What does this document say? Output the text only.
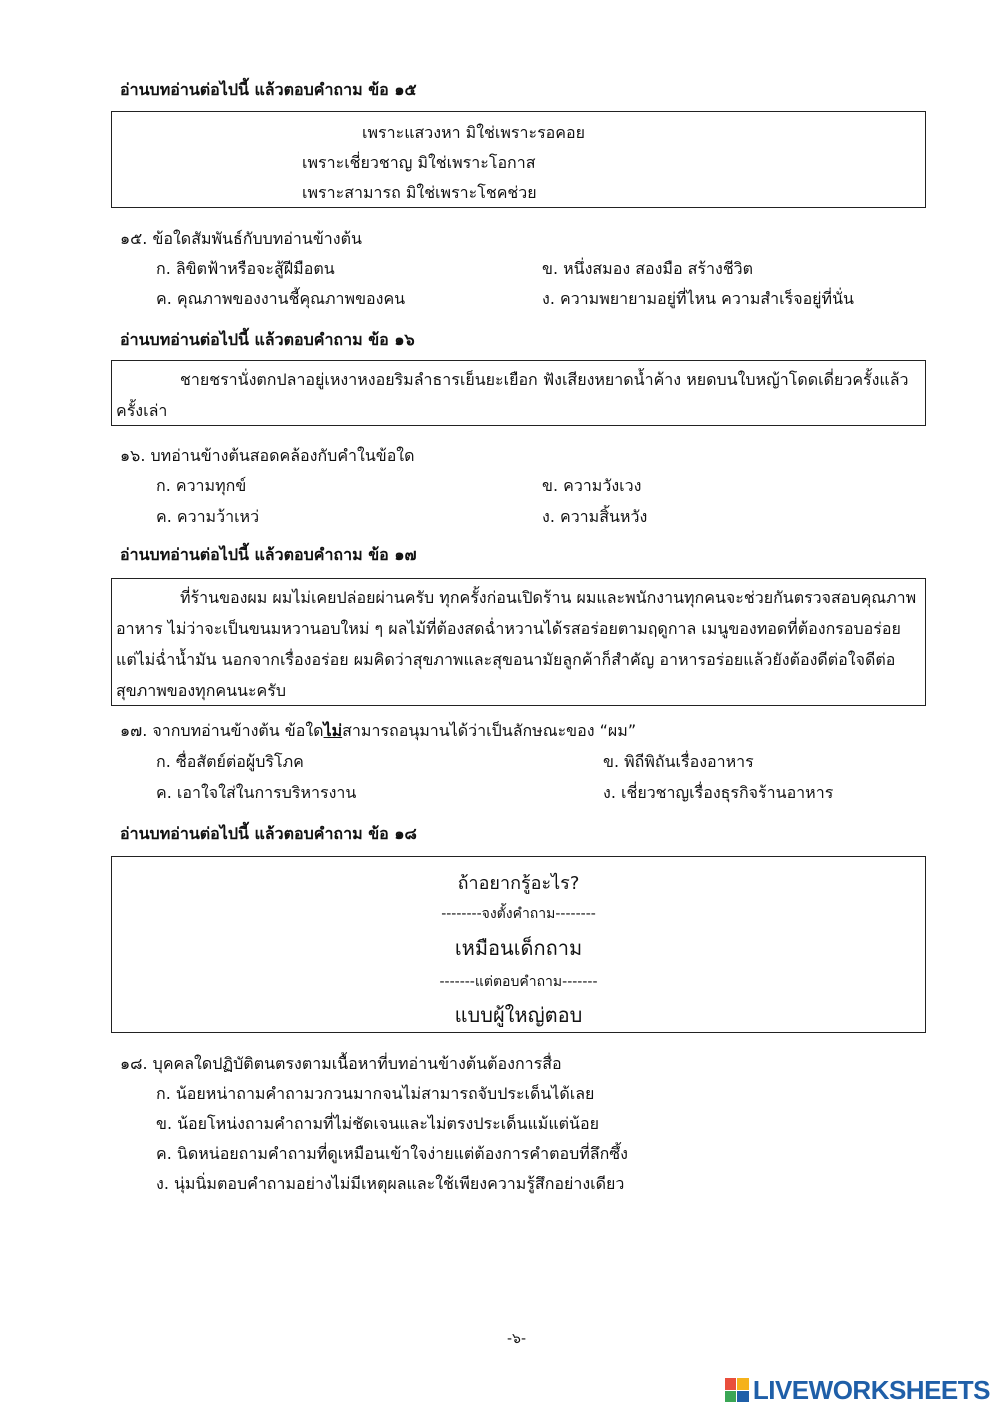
อ่านบทอ่านต่อไปนี้ แล้วตอบคำถาม ข้อ ๑๕
เพราะแสวงหา มิใช่เพราะรอคอย
เพราะเชี่ยวชาญ มิใช่เพราะโอกาส
เพราะสามารถ มิใช่เพราะโชคช่วย
๑๕. ข้อใดสัมพันธ์กับบทอ่านข้างต้น
ก. ลิขิตฟ้าหรือจะสู้ฝีมือตน	ข. หนึ่งสมอง สองมือ สร้างชีวิต
ค. คุณภาพของงานชี้คุณภาพของคน	ง. ความพยายามอยู่ที่ไหน ความสำเร็จอยู่ที่นั่น
อ่านบทอ่านต่อไปนี้ แล้วตอบคำถาม ข้อ ๑๖
ชายชรานั่งตกปลาอยู่เหงาหงอยริมลำธารเย็นยะเยือก ฟังเสียงหยาดน้ำค้าง หยดบนใบหญ้าโดดเดี่ยวครั้งแล้วครั้งเล่า
๑๖. บทอ่านข้างต้นสอดคล้องกับคำในข้อใด
ก. ความทุกข์	ข. ความวังเวง
ค. ความว้าเหว่	ง. ความสิ้นหวัง
อ่านบทอ่านต่อไปนี้ แล้วตอบคำถาม ข้อ ๑๗
ที่ร้านของผม ผมไม่เคยปล่อยผ่านครับ ทุกครั้งก่อนเปิดร้าน ผมและพนักงานทุกคนจะช่วยกันตรวจสอบคุณภาพอาหาร ไม่ว่าจะเป็นขนมหวานอบใหม่ ๆ ผลไม้ที่ต้องสดฉ่ำหวานได้รสอร่อยตามฤดูกาล เมนูของทอดที่ต้องกรอบอร่อยแต่ไม่ฉ่ำน้ำมัน นอกจากเรื่องอร่อย ผมคิดว่าสุขภาพและสุขอนามัยลูกค้าก็สำคัญ อาหารอร่อยแล้วยังต้องดีต่อใจดีต่อสุขภาพของทุกคนนะครับ
๑๗. จากบทอ่านข้างต้น ข้อใดไม่สามารถอนุมานได้ว่าเป็นลักษณะของ “ผม”
ก. ซื่อสัตย์ต่อผู้บริโภค	ข. พิถีพิถันเรื่องอาหาร
ค. เอาใจใส่ในการบริหารงาน	ง. เชี่ยวชาญเรื่องธุรกิจร้านอาหาร
อ่านบทอ่านต่อไปนี้ แล้วตอบคำถาม ข้อ ๑๘
ถ้าอยากรู้อะไร?
--------จงตั้งคำถาม--------
เหมือนเด็กถาม
-------แต่ตอบคำถาม-------
แบบผู้ใหญ่ตอบ
๑๘. บุคคลใดปฏิบัติตนตรงตามเนื้อหาที่บทอ่านข้างต้นต้องการสื่อ
ก. น้อยหน่าถามคำถามวกวนมากจนไม่สามารถจับประเด็นได้เลย
ข. น้อยโหน่งถามคำถามที่ไม่ชัดเจนและไม่ตรงประเด็นแม้แต่น้อย
ค. นิดหน่อยถามคำถามที่ดูเหมือนเข้าใจง่ายแต่ต้องการคำตอบที่ลึกซึ้ง
ง. นุ่มนิ่มตอบคำถามอย่างไม่มีเหตุผลและใช้เพียงความรู้สึกอย่างเดียว
-๖-
LIVEWORKSHEETS
